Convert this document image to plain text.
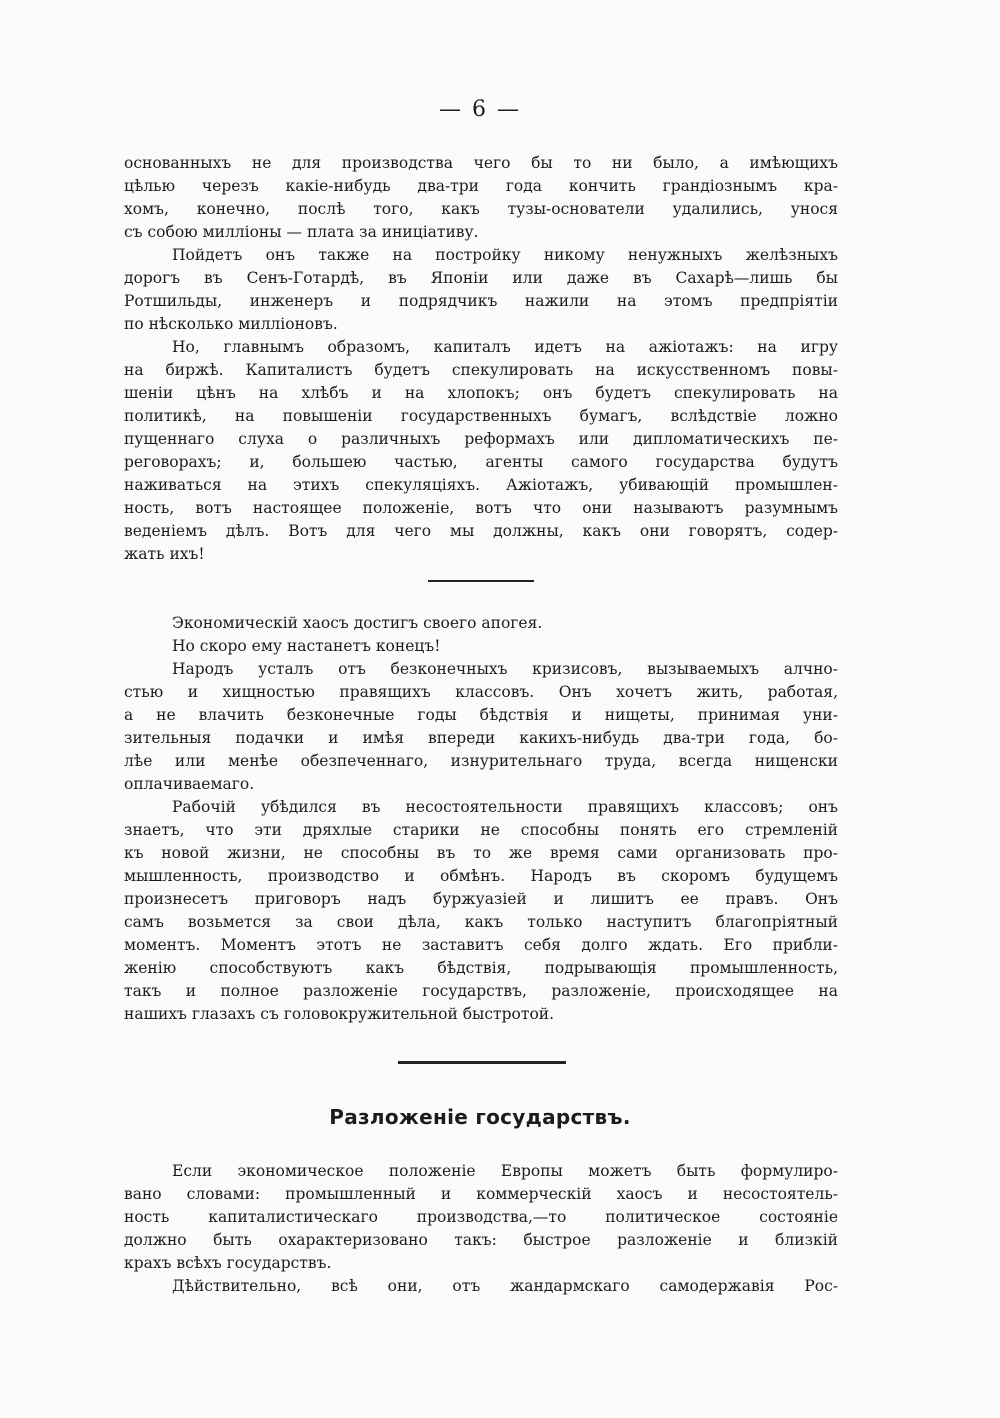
— 6 —
основанныхъ не для производства чего бы то ни было, а имѣющихъ
цѣлью черезъ какіе-нибудь два-три года кончить грандіознымъ кра-
хомъ, конечно, послѣ того, какъ тузы-основатели удалились, унося
съ собою милліоны — плата за иниціативу.
Пойдетъ онъ также на постройку никому ненужныхъ желѣзныхъ
дорогъ въ Сенъ-Готардѣ, въ Японіи или даже въ Сахарѣ—лишь бы
Ротшильды, инженеръ и подрядчикъ нажили на этомъ предпріятіи
по нѣсколько милліоновъ.
Но, главнымъ образомъ, капиталъ идетъ на ажіотажъ: на игру
на биржѣ. Капиталистъ будетъ спекулировать на искусственномъ повы-
шеніи цѣнъ на хлѣбъ и на хлопокъ; онъ будетъ спекулировать на
политикѣ, на повышеніи государственныхъ бумагъ, вслѣдствіе ложно
пущеннаго слуха о различныхъ реформахъ или дипломатическихъ пе-
реговорахъ; и, большею частью, агенты самого государства будутъ
наживаться на этихъ спекуляціяхъ. Ажіотажъ, убивающій промышлен-
ность, вотъ настоящее положеніе, вотъ что они называютъ разумнымъ
веденіемъ дѣлъ. Вотъ для чего мы должны, какъ они говорятъ, содер-
жать ихъ!
Экономическій хаосъ достигъ своего апогея.
Но скоро ему настанетъ конецъ!
Народъ усталъ отъ безконечныхъ кризисовъ, вызываемыхъ алчно-
стью и хищностью правящихъ классовъ. Онъ хочетъ жить, работая,
а не влачить безконечные годы бѣдствія и нищеты, принимая уни-
зительныя подачки и имѣя впереди какихъ-нибудь два-три года, бо-
лѣе или менѣе обезпеченнаго, изнурительнаго труда, всегда нищенски
оплачиваемаго.
Рабочій убѣдился въ несостоятельности правящихъ классовъ; онъ
знаетъ, что эти дряхлые старики не способны понять его стремленій
къ новой жизни, не способны въ то же время сами организовать про-
мышленность, производство и обмѣнъ. Народъ въ скоромъ будущемъ
произнесетъ приговоръ надъ буржуазіей и лишитъ ее правъ. Онъ
самъ возьмется за свои дѣла, какъ только наступитъ благопріятный
моментъ. Моментъ этотъ не заставитъ себя долго ждать. Его прибли-
женію способствуютъ какъ бѣдствія, подрывающія промышленность,
такъ и полное разложеніе государствъ, разложеніе, происходящее на
нашихъ глазахъ съ головокружительной быстротой.
Разложеніе государствъ.
Если экономическое положеніе Европы можетъ быть формулиро-
вано словами: промышленный и коммерческій хаосъ и несостоятель-
ность капиталистическаго производства,—то политическое состояніе
должно быть охарактеризовано такъ: быстрое разложеніе и близкій
крахъ всѣхъ государствъ.
Дѣйствительно, всѣ они, отъ жандармскаго самодержавія Рос-
